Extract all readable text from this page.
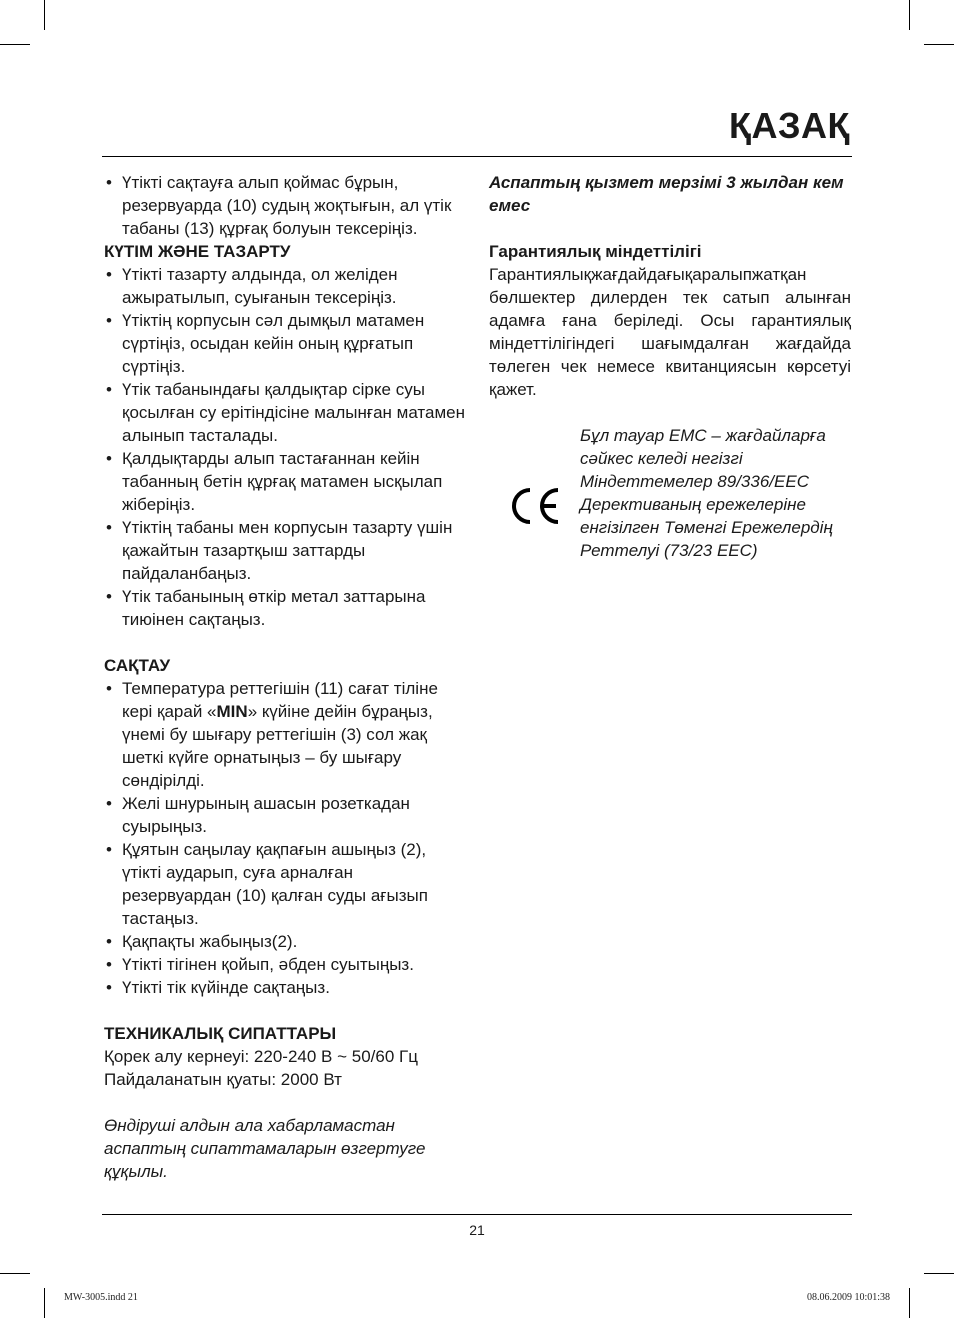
ҚАЗАҚ
• Үтікті сақтауға алып қоймас бұрын, резервуарда (10) судың жоқтығын, ал үтік табаны (13) құрғақ болуын тексеріңіз.

КҮТІМ ЖӘНЕ ТАЗАРТУ

• Үтікті тазарту алдында, ол желіден ажыратылып, суығанын тексеріңіз.
• Үтіктің корпусын сәл дымқыл матамен сүртіңіз, осыдан кейін оның құрғатып сүртіңіз.
• Үтік табанындағы қалдықтар сірке суы қосылған су ерітіндісіне малынған матамен алынып тасталады.
• Қалдықтарды алып тастағаннан кейін табанның бетін құрғақ матамен ысқылап жіберіңіз.
• Үтіктің табаны мен корпусын тазарту үшін қажайтын тазартқыш заттарды пайдаланбаңыз.
• Үтік табанының өткір метал заттарына тиюінен сақтаңыз.

САҚТАУ

• Температура реттегішін (11) сағат тіліне кері қарай «MIN» күйіне дейін бұраңыз, үнемі бу шығару реттегішін (3) сол жақ шеткі күйге орнатыңыз – бу шығару сөндірілді.
• Желі шнурының ашасын розеткадан суырыңыз.
• Құятын саңылау қақпағын ашыңыз (2), үтікті аударып, суға арналған резервуардан (10) қалған суды ағызып тастаңыз.
• Қақпақты жабыңыз(2).
• Үтікті тігінен қойып, әбден суытыңыз.
• Үтікті тік күйінде сақтаңыз.

ТЕХНИКАЛЫҚ СИПАТТАРЫ

Қорек алу кернеуі: 220-240 В ~ 50/60 Гц
Пайдаланатын қуаты: 2000 Вт
Өндіруші алдын ала хабарламастан аспаптың сипаттамаларын өзгертуге құқылы.
Аспаптың қызмет мерзімі 3 жылдан кем емес

Гарантиялық міндеттілігі

Гарантиялықжағдайдағықаралыпжатқан бөлшектер дилерден тек сатып алынған адамға ғана беріледі. Осы гарантиялық міндеттілігіндегі шағымдалған жағдайда төлеген чек немесе квитанциясын көрсетуі қажет.
Бұл тауар ЕМС – жағдайларға сәйкес келеді негізгі Міндеттемелер 89/336/ЕЕС Дерективаның ережелеріне енгізілген Төменгі Ережелердің Реттелуі (73/23 ЕЕС)
21
MW-3005.indd 21	08.06.2009 10:01:38
